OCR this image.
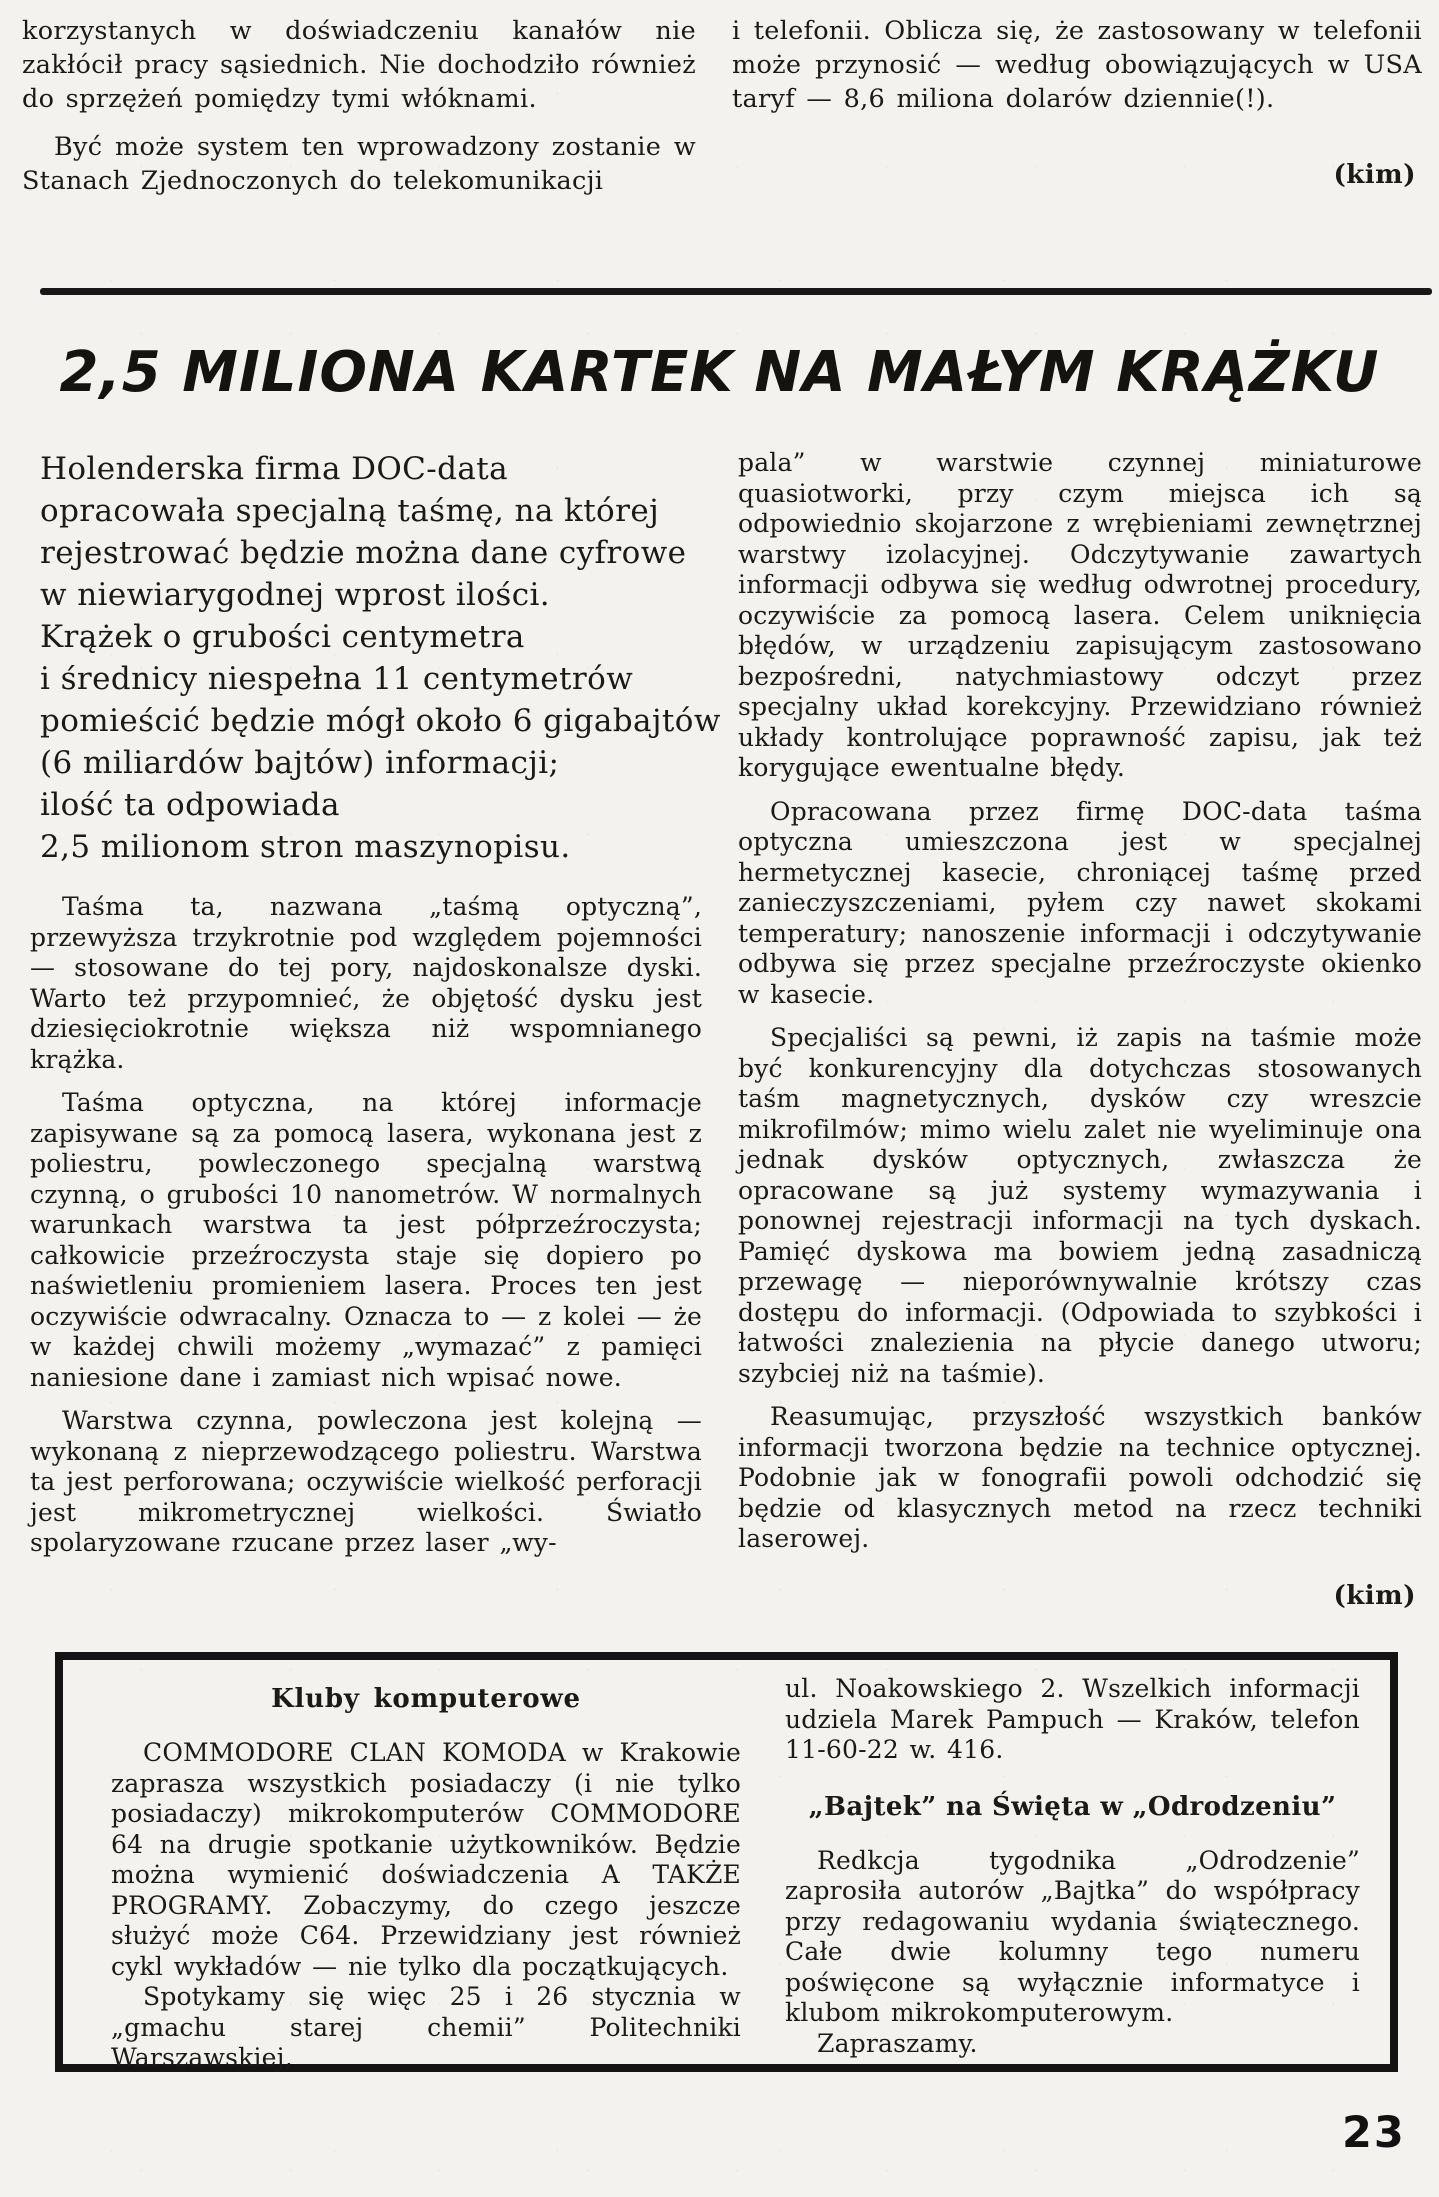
korzystanych w doświadczeniu kanałów nie zakłócił pracy sąsiednich. Nie dochodziło również do sprzężeń pomiędzy tymi włóknami.

Być może system ten wprowadzony zostanie w Stanach Zjednoczonych do telekomunikacji

i telefonii. Oblicza się, że zastosowany w telefonii może przynosić — według obowiązujących w USA taryf — 8,6 miliona dolarów dziennie(!).

(kim)
2,5 MILIONA KARTEK NA MAŁYM KRĄŻKU
Holenderska firma DOC-data
opracowała specjalną taśmę, na której
rejestrować będzie można dane cyfrowe
w niewiarygodnej wprost ilości.
Krążek o grubości centymetra
i średnicy niespełna 11 centymetrów
pomieścić będzie mógł około 6 gigabajtów
(6 miliardów bajtów) informacji;
ilość ta odpowiada
2,5 milionom stron maszynopisu.

Taśma ta, nazwana „taśmą optyczną”, przewyższa trzykrotnie pod względem pojemności — stosowane do tej pory, najdoskonalsze dyski. Warto też przypomnieć, że objętość dysku jest dziesięciokrotnie większa niż wspomnianego krążka.

Taśma optyczna, na której informacje zapisywane są za pomocą lasera, wykonana jest z poliestru, powleczonego specjalną warstwą czynną, o grubości 10 nanometrów. W normalnych warunkach warstwa ta jest półprzeźroczysta; całkowicie przeźroczysta staje się dopiero po naświetleniu promieniem lasera. Proces ten jest oczywiście odwracalny. Oznacza to — z kolei — że w każdej chwili możemy „wymazać” z pamięci naniesione dane i zamiast nich wpisać nowe.

Warstwa czynna, powleczona jest kolejną — wykonaną z nieprzewodzącego poliestru. Warstwa ta jest perforowana; oczywiście wielkość perforacji jest mikrometrycznej wielkości. Światło spolaryzowane rzucane przez laser „wy-

pala” w warstwie czynnej miniaturowe quasiotworki, przy czym miejsca ich są odpowiednio skojarzone z wrębieniami zewnętrznej warstwy izolacyjnej. Odczytywanie zawartych informacji odbywa się według odwrotnej procedury, oczywiście za pomocą lasera. Celem uniknięcia błędów, w urządzeniu zapisującym zastosowano bezpośredni, natychmiastowy odczyt przez specjalny układ korekcyjny. Przewidziano również układy kontrolujące poprawność zapisu, jak też korygujące ewentualne błędy.

Opracowana przez firmę DOC-data taśma optyczna umieszczona jest w specjalnej hermetycznej kasecie, chroniącej taśmę przed zanieczyszczeniami, pyłem czy nawet skokami temperatury; nanoszenie informacji i odczytywanie odbywa się przez specjalne przeźroczyste okienko w kasecie.

Specjaliści są pewni, iż zapis na taśmie może być konkurencyjny dla dotychczas stosowanych taśm magnetycznych, dysków czy wreszcie mikrofilmów; mimo wielu zalet nie wyeliminuje ona jednak dysków optycznych, zwłaszcza że opracowane są już systemy wymazywania i ponownej rejestracji informacji na tych dyskach. Pamięć dyskowa ma bowiem jedną zasadniczą przewagę — nieporównywalnie krótszy czas dostępu do informacji. (Odpowiada to szybkości i łatwości znalezienia na płycie danego utworu; szybciej niż na taśmie).

Reasumując, przyszłość wszystkich banków informacji tworzona będzie na technice optycznej. Podobnie jak w fonografii powoli odchodzić się będzie od klasycznych metod na rzecz techniki laserowej.

(kim)
Kluby komputerowe

COMMODORE CLAN KOMODA w Krakowie zaprasza wszystkich posiadaczy (i nie tylko posiadaczy) mikrokomputerów COMMODORE 64 na drugie spotkanie użytkowników. Będzie można wymienić doświadczenia A TAKŻE PROGRAMY. Zobaczymy, do czego jeszcze służyć może C64. Przewidziany jest również cykl wykładów — nie tylko dla początkujących.

Spotykamy się więc 25 i 26 stycznia w „gmachu starej chemii” Politechniki Warszawskiej,

ul. Noakowskiego 2. Wszelkich informacji udziela Marek Pampuch — Kraków, telefon 11-60-22 w. 416.

„Bajtek” na Święta w „Odrodzeniu”

Redkcja tygodnika „Odrodzenie” zaprosiła autorów „Bajtka” do współpracy przy redagowaniu wydania świątecznego. Całe dwie kolumny tego numeru poświęcone są wyłącznie informatyce i klubom mikrokomputerowym.

Zapraszamy.

23
